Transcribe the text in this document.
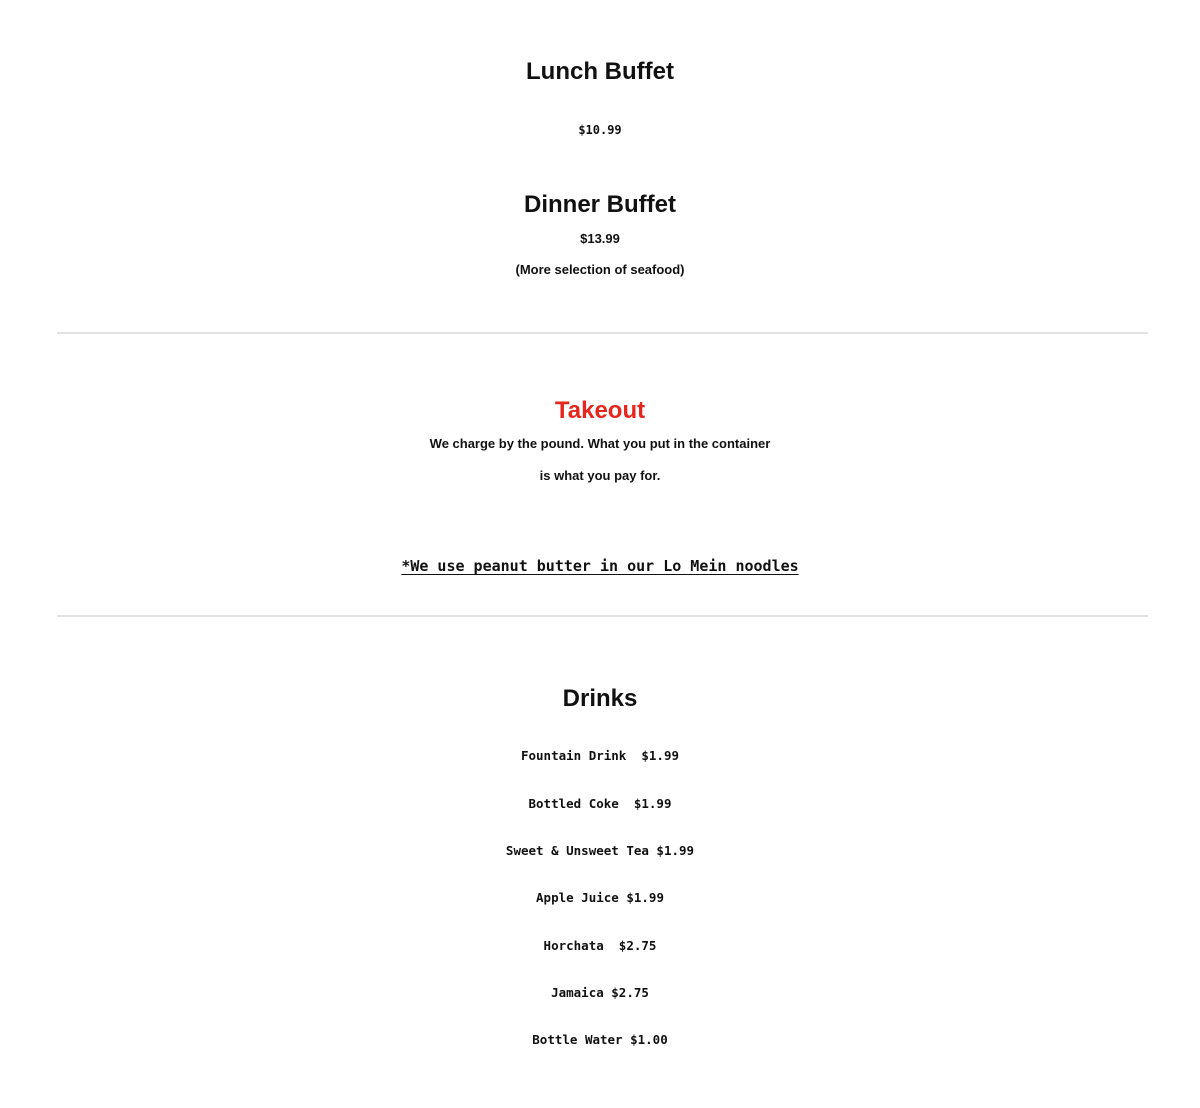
Lunch Buffet
$10.99
Dinner Buffet
$13.99
(More selection of seafood)
Takeout
We charge by the pound. What you put in the container
is what you pay for.
*We use peanut butter in our Lo Mein noodles
Drinks
Fountain Drink  $1.99
Bottled Coke  $1.99
Sweet & Unsweet Tea $1.99
Apple Juice $1.99
Horchata  $2.75
Jamaica $2.75
Bottle Water $1.00
